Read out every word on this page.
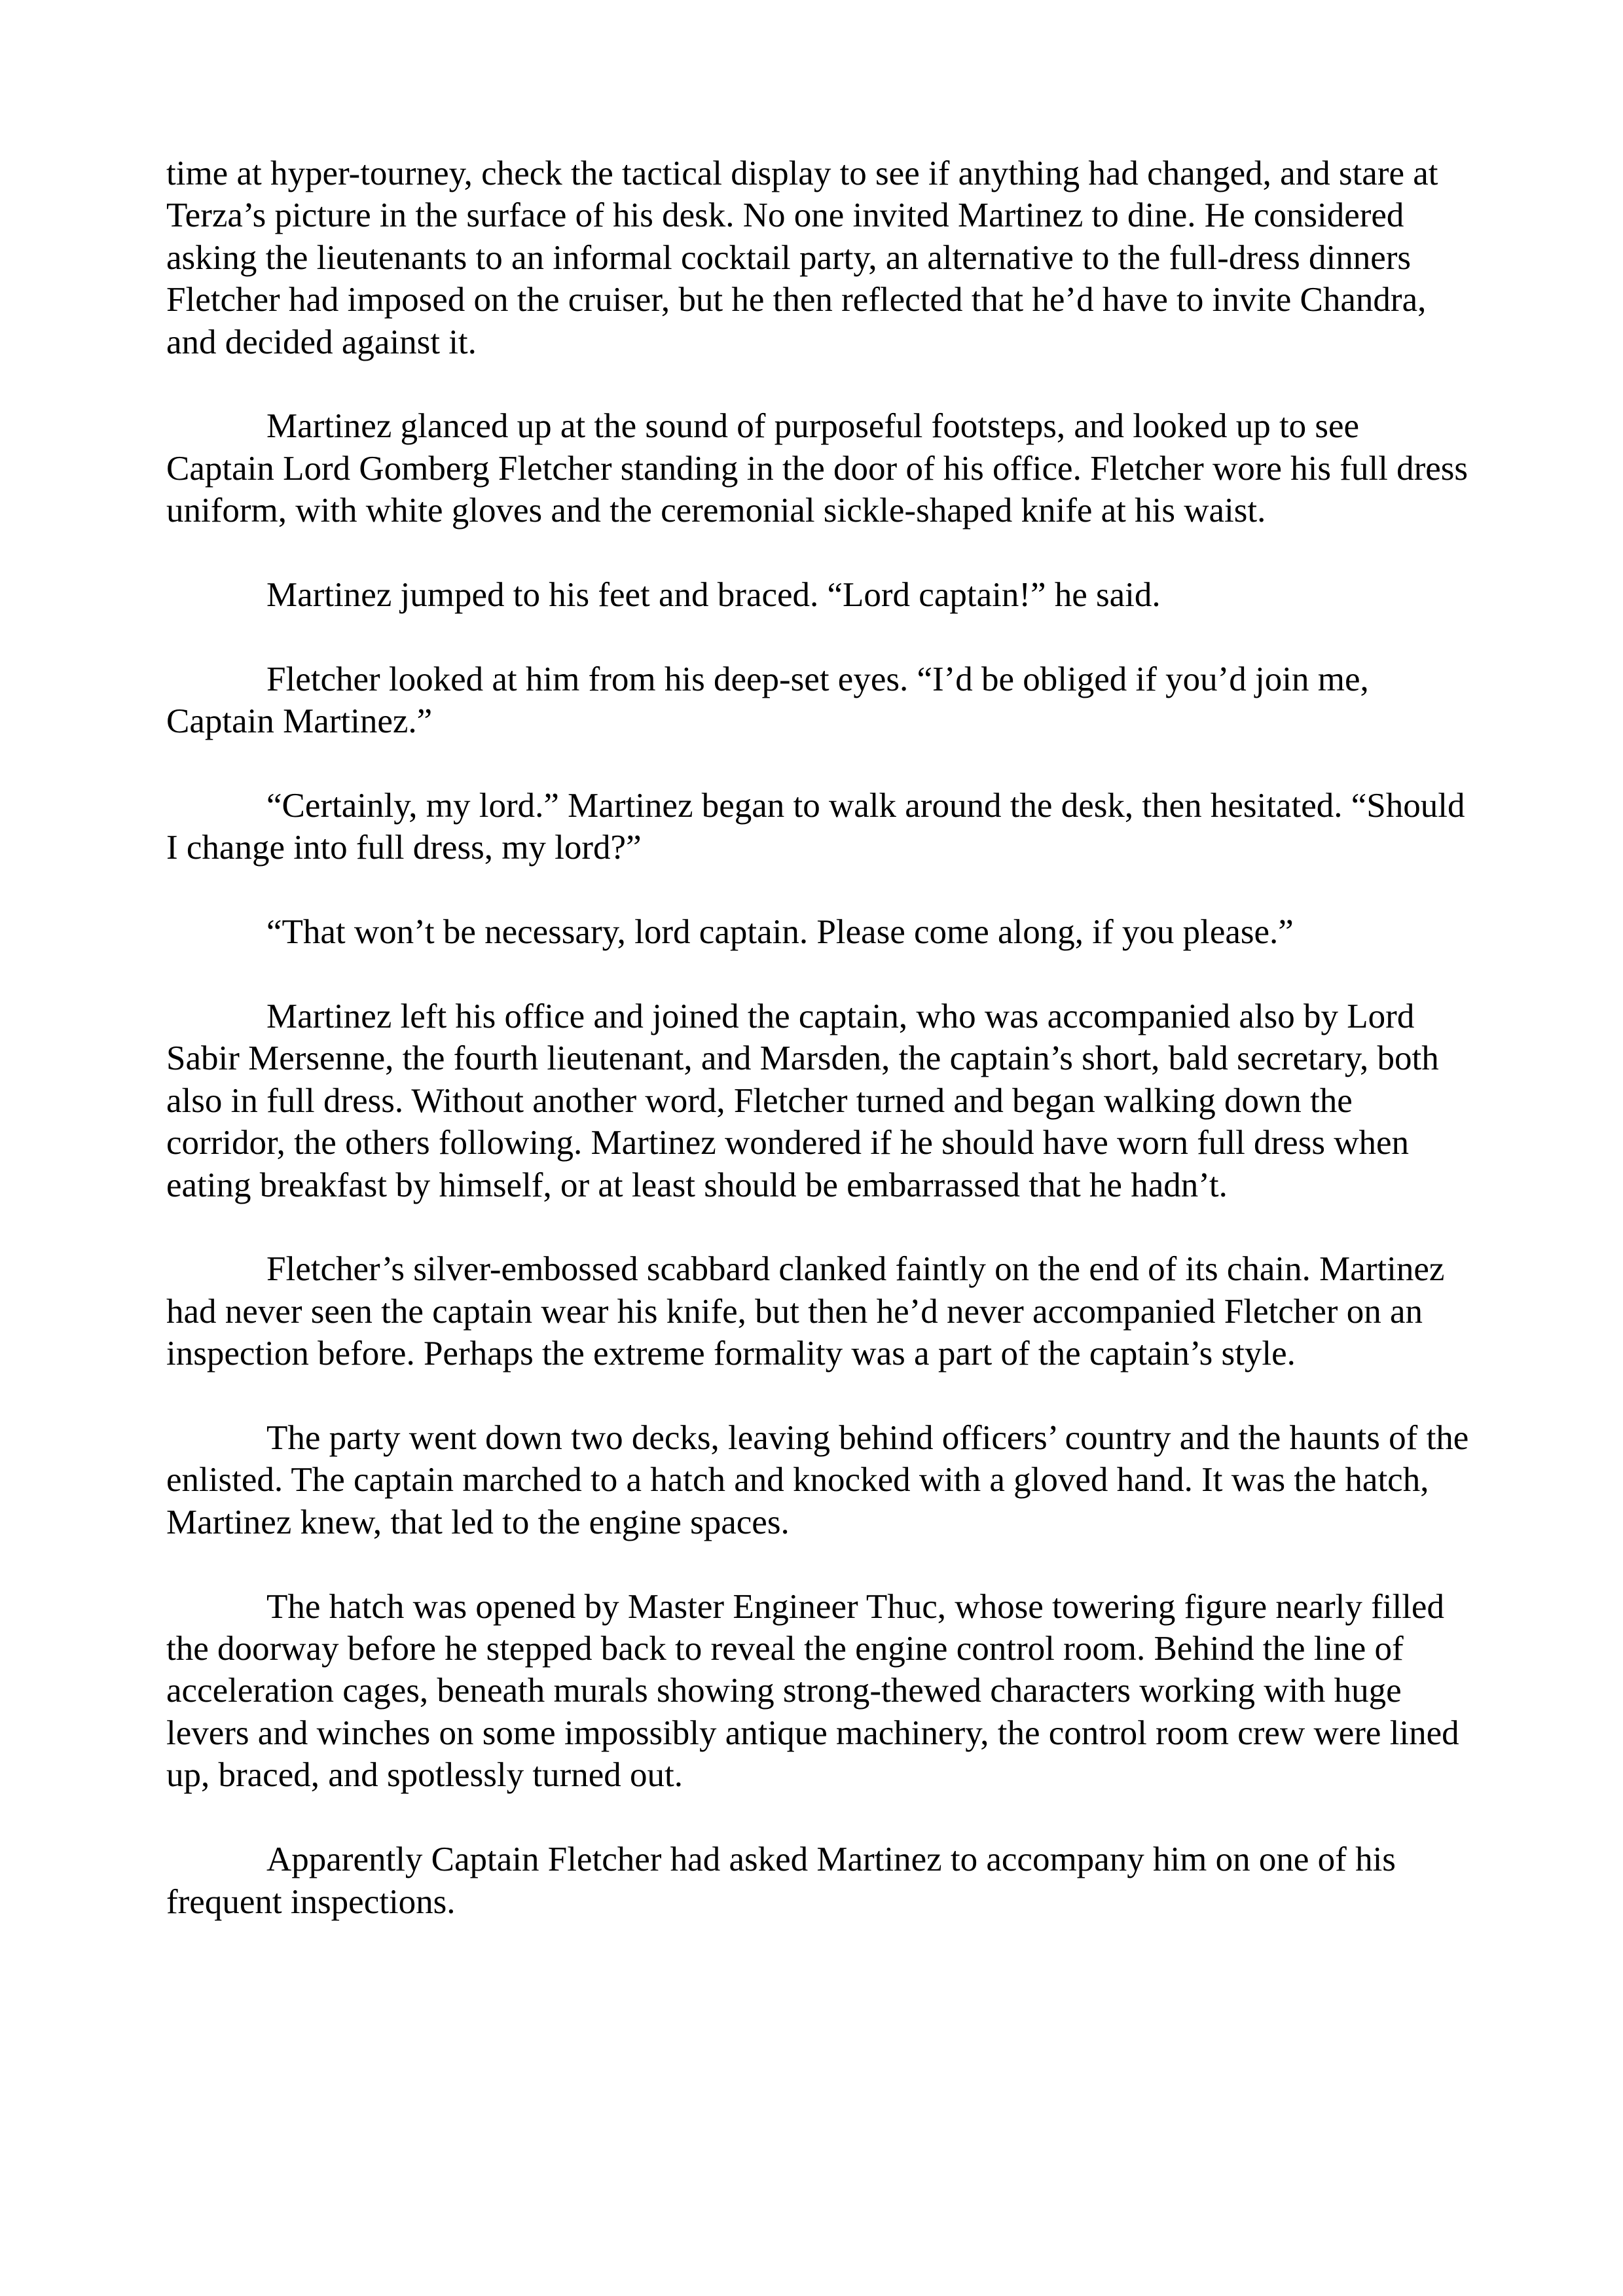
time at hyper-tourney, check the tactical display to see if anything had changed, and stare at Terza’s picture in the surface of his desk. No one invited Martinez to dine. He considered asking the lieutenants to an informal cocktail party, an alternative to the full-dress dinners Fletcher had imposed on the cruiser, but he then reflected that he’d have to invite Chandra, and decided against it.

Martinez glanced up at the sound of purposeful footsteps, and looked up to see Captain Lord Gomberg Fletcher standing in the door of his office. Fletcher wore his full dress uniform, with white gloves and the ceremonial sickle-shaped knife at his waist.

Martinez jumped to his feet and braced. “Lord captain!” he said.

Fletcher looked at him from his deep-set eyes. “I’d be obliged if you’d join me, Captain Martinez.”

“Certainly, my lord.” Martinez began to walk around the desk, then hesitated. “Should I change into full dress, my lord?”

“That won’t be necessary, lord captain. Please come along, if you please.”

Martinez left his office and joined the captain, who was accompanied also by Lord Sabir Mersenne, the fourth lieutenant, and Marsden, the captain’s short, bald secretary, both also in full dress. Without another word, Fletcher turned and began walking down the corridor, the others following. Martinez wondered if he should have worn full dress when eating breakfast by himself, or at least should be embarrassed that he hadn’t.

Fletcher’s silver-embossed scabbard clanked faintly on the end of its chain. Martinez had never seen the captain wear his knife, but then he’d never accompanied Fletcher on an inspection before. Perhaps the extreme formality was a part of the captain’s style.

The party went down two decks, leaving behind officers’ country and the haunts of the enlisted. The captain marched to a hatch and knocked with a gloved hand. It was the hatch, Martinez knew, that led to the engine spaces.

The hatch was opened by Master Engineer Thuc, whose towering figure nearly filled the doorway before he stepped back to reveal the engine control room. Behind the line of acceleration cages, beneath murals showing strong-thewed characters working with huge levers and winches on some impossibly antique machinery, the control room crew were lined up, braced, and spotlessly turned out.

Apparently Captain Fletcher had asked Martinez to accompany him on one of his frequent inspections.
